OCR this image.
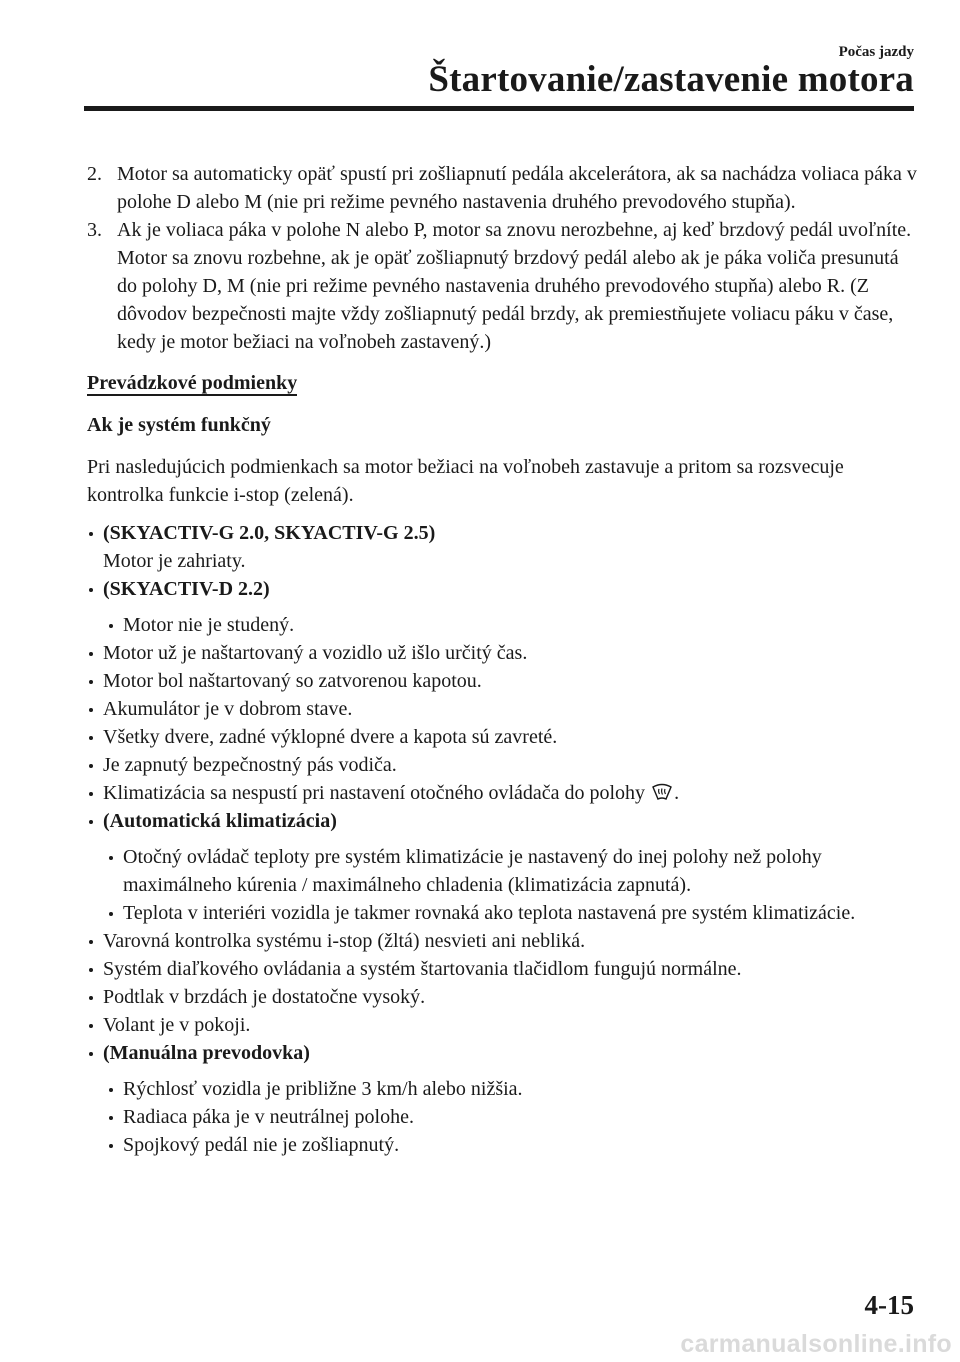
Počas jazdy
Štartovanie/zastavenie motora
2. Motor sa automaticky opäť spustí pri zošliapnutí pedála akcelerátora, ak sa nachádza voliaca páka v polohe D alebo M (nie pri režime pevného nastavenia druhého prevodového stupňa).
3. Ak je voliaca páka v polohe N alebo P, motor sa znovu nerozbehne, aj keď brzdový pedál uvoľníte. Motor sa znovu rozbehne, ak je opäť zošliapnutý brzdový pedál alebo ak je páka voliča presunutá do polohy D, M (nie pri režime pevného nastavenia druhého prevodového stupňa) alebo R. (Z dôvodov bezpečnosti majte vždy zošliapnutý pedál brzdy, ak premiestňujete voliacu páku v čase, kedy je motor bežiaci na voľnobeh zastavený.)
Prevádzkové podmienky
Ak je systém funkčný
Pri nasledujúcich podmienkach sa motor bežiaci na voľnobeh zastavuje a pritom sa rozsvecuje kontrolka funkcie i-stop (zelená).
(SKYACTIV-G 2.0, SKYACTIV-G 2.5)
Motor je zahriaty.
(SKYACTIV-D 2.2)
Motor nie je studený.
Motor už je naštartovaný a vozidlo už išlo určitý čas.
Motor bol naštartovaný so zatvorenou kapotou.
Akumulátor je v dobrom stave.
Všetky dvere, zadné výklopné dvere a kapota sú zavreté.
Je zapnutý bezpečnostný pás vodiča.
Klimatizácia sa nespustí pri nastavení otočného ovládača do polohy .
(Automatická klimatizácia)
Otočný ovládač teploty pre systém klimatizácie je nastavený do inej polohy než polohy maximálneho kúrenia / maximálneho chladenia (klimatizácia zapnutá).
Teplota v interiéri vozidla je takmer rovnaká ako teplota nastavená pre systém klimatizácie.
Varovná kontrolka systému i-stop (žltá) nesvieti ani nebliká.
Systém diaľkového ovládania a systém štartovania tlačidlom fungujú normálne.
Podtlak v brzdách je dostatočne vysoký.
Volant je v pokoji.
(Manuálna prevodovka)
Rýchlosť vozidla je približne 3 km/h alebo nižšia.
Radiaca páka je v neutrálnej polohe.
Spojkový pedál nie je zošliapnutý.
4-15
carmanualsonline.info
